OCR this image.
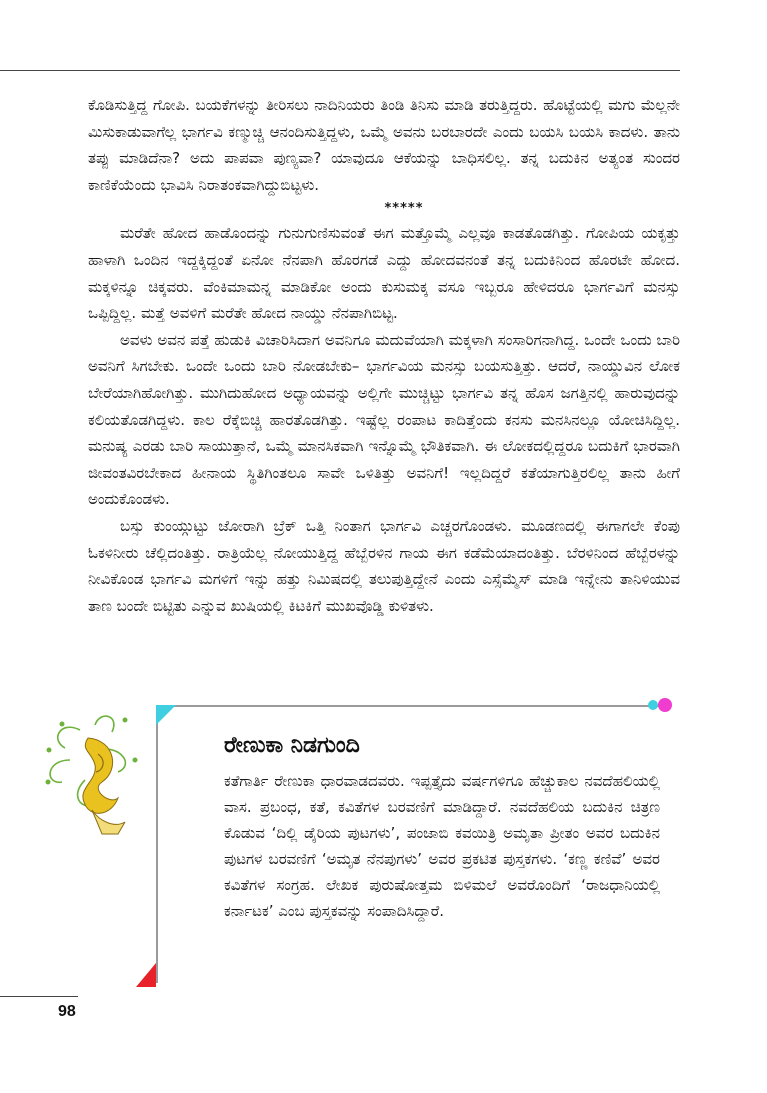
ಕೊಡಿಸುತ್ತಿದ್ದ ಗೋಪಿ. ಬಯಕೆಗಳನ್ನು ತೀರಿಸಲು ನಾದಿನಿಯರು ತಿಂಡಿ ತಿನಿಸು ಮಾಡಿ ತರುತ್ತಿದ್ದರು. ಹೊಟ್ಟೆಯಲ್ಲಿ ಮಗು ಮೆಲ್ಲನೇ ಮಿಸುಕಾಡುವಾಗೆಲ್ಲ ಭಾರ್ಗವಿ ಕಣ್ಮುಚ್ಚಿ ಆನಂದಿಸುತ್ತಿದ್ದಳು, ಒಮ್ಮೆ ಅವನು ಬರಬಾರದೇ ಎಂದು ಬಯಸಿ ಬಯಸಿ ಕಾದಳು. ತಾನು ತಪ್ಪು ಮಾಡಿದೆನಾ? ಅದು ಪಾಪವಾ ಪುಣ್ಯವಾ? ಯಾವುದೂ ಆಕೆಯನ್ನು ಬಾಧಿಸಲಿಲ್ಲ. ತನ್ನ ಬದುಕಿನ ಅತ್ಯಂತ ಸುಂದರ ಕಾಣಿಕೆಯೆಂದು ಭಾವಿಸಿ ನಿರಾತಂಕವಾಗಿದ್ದುಬಿಟ್ಟಳು.

*****

ಮರೆತೇ ಹೋದ ಹಾಡೊಂದನ್ನು ಗುನುಗುಣಿಸುವಂತೆ ಈಗ ಮತ್ತೊಮ್ಮೆ ಎಲ್ಲವೂ ಕಾಡತೊಡಗಿತ್ತು. ಗೋಪಿಯ ಯಕೃತ್ತು ಹಾಳಾಗಿ ಒಂದಿನ ಇದ್ದಕ್ಕಿದ್ದಂತೆ ಏನೋ ನೆನಪಾಗಿ ಹೊರಗಡೆ ಎದ್ದು ಹೋದವನಂತೆ ತನ್ನ ಬದುಕಿನಿಂದ ಹೊರಟೇ ಹೋದ. ಮಕ್ಕಳಿನ್ನೂ ಚಿಕ್ಕವರು. ವೆಂಕಿಮಾಮನ್ನ ಮಾಡಿಕೋ ಅಂದು ಕುಸುಮಕ್ಕ ವಸೂ ಇಬ್ಬರೂ ಹೇಳಿದರೂ ಭಾರ್ಗವಿಗೆ ಮನಸ್ಸು ಒಪ್ಪಿದ್ದಿಲ್ಲ. ಮತ್ತೆ ಅವಳಿಗೆ ಮರೆತೇ ಹೋದ ನಾಯ್ಡು ನೆನಪಾಗಿಬಿಟ್ಟ.

ಅವಳು ಅವನ ಪತ್ತೆ ಹುಡುಕಿ ವಿಚಾರಿಸಿದಾಗ ಅವನಿಗೂ ಮದುವೆಯಾಗಿ ಮಕ್ಕಳಾಗಿ ಸಂಸಾರಿಗನಾಗಿದ್ದ. ಒಂದೇ ಒಂದು ಬಾರಿ ಅವನಿಗೆ ಸಿಗಬೇಕು. ಒಂದೇ ಒಂದು ಬಾರಿ ನೋಡಬೇಕು– ಭಾರ್ಗವಿಯ ಮನಸ್ಸು ಬಯಸುತ್ತಿತ್ತು. ಆದರೆ, ನಾಯ್ಡುವಿನ ಲೋಕ ಬೇರೆಯಾಗಿಹೋಗಿತ್ತು. ಮುಗಿದುಹೋದ ಅಧ್ಯಾಯವನ್ನು ಅಲ್ಲಿಗೇ ಮುಚ್ಚಿಟ್ಟು ಭಾರ್ಗವಿ ತನ್ನ ಹೊಸ ಜಗತ್ತಿನಲ್ಲಿ ಹಾರುವುದನ್ನು ಕಲಿಯತೊಡಗಿದ್ದಳು. ಕಾಲ ರೆಕ್ಕೆಬಿಚ್ಚಿ ಹಾರತೊಡಗಿತ್ತು. ಇಷ್ಟೆಲ್ಲ ರಂಪಾಟ ಕಾದಿತ್ತೆಂದು ಕನಸು ಮನಸಿನಲ್ಲೂ ಯೋಚಿಸಿದ್ದಿಲ್ಲ. ಮನುಷ್ಯ ಎರಡು ಬಾರಿ ಸಾಯುತ್ತಾನೆ, ಒಮ್ಮೆ ಮಾನಸಿಕವಾಗಿ ಇನ್ನೊಮ್ಮೆ ಭೌತಿಕವಾಗಿ. ಈ ಲೋಕದಲ್ಲಿದ್ದರೂ ಬದುಕಿಗೆ ಭಾರವಾಗಿ ಜೀವಂತವಿರಬೇಕಾದ ಹೀನಾಯ ಸ್ಥಿತಿಗಿಂತಲೂ ಸಾವೇ ಒಳಿತಿತ್ತು ಅವನಿಗೆ! ಇಲ್ಲದಿದ್ದರೆ ಕತೆಯಾಗುತ್ತಿರಲಿಲ್ಲ ತಾನು ಹೀಗೆ ಅಂದುಕೊಂಡಳು.

ಬಸ್ಸು ಕುಂಯ್ಗುಟ್ಟು ಜೋರಾಗಿ ಬ್ರೆಕ್ ಒತ್ತಿ ನಿಂತಾಗ ಭಾರ್ಗವಿ ಎಚ್ಚರಗೊಂಡಳು. ಮೂಡಣದಲ್ಲಿ ಈಗಾಗಲೇ ಕೆಂಪು ಓಕಳಿನೀರು ಚೆಲ್ಲಿದಂತಿತ್ತು. ರಾತ್ರಿಯೆಲ್ಲ ನೋಯುತ್ತಿದ್ದ ಹೆಬ್ಬೆರಳಿನ ಗಾಯ ಈಗ ಕಡೆಮೆಯಾದಂತಿತ್ತು. ಬೆರಳಿನಿಂದ ಹೆಬ್ಬೆರಳನ್ನು ನೀವಿಕೊಂಡ ಭಾರ್ಗವಿ ಮಗಳಿಗೆ ಇನ್ನು ಹತ್ತು ನಿಮಿಷದಲ್ಲಿ ತಲುಪುತ್ತಿದ್ದೇನೆ ಎಂದು ಎಸ್ಸೆಮ್ಮೆಸ್ ಮಾಡಿ ಇನ್ನೇನು ತಾನಿಳಿಯುವ ತಾಣ ಬಂದೇ ಬಿಟ್ಟಿತು ಎನ್ನುವ ಖುಷಿಯಲ್ಲಿ ಕಿಟಕಿಗೆ ಮುಖವೊಡ್ಡಿ ಕುಳಿತಳು.

ರೇಣುಕಾ ನಿಡಗುಂದಿ
ಕತೆಗಾರ್ತಿ ರೇಣುಕಾ ಧಾರವಾಡದವರು. ಇಪ್ಪತ್ತೈದು ವರ್ಷಗಳಿಗೂ ಹೆಚ್ಚುಕಾಲ ನವದೆಹಲಿಯಲ್ಲಿ ವಾಸ. ಪ್ರಬಂಧ, ಕತೆ, ಕವಿತೆಗಳ ಬರವಣಿಗೆ ಮಾಡಿದ್ದಾರೆ. ನವದೆಹಲಿಯ ಬದುಕಿನ ಚಿತ್ರಣ ಕೊಡುವ ‘ದಿಲ್ಲಿ ಡೈರಿಯ ಪುಟಗಳು’, ಪಂಜಾಬಿ ಕವಯಿತ್ರಿ ಅಮೃತಾ ಪ್ರೀತಂ ಅವರ ಬದುಕಿನ ಪುಟಗಳ ಬರವಣಿಗೆ ‘ಅಮೃತ ನೆನಪುಗಳು’ ಅವರ ಪ್ರಕಟಿತ ಪುಸ್ತಕಗಳು. ‘ಕಣ್ಣ ಕಣಿವೆ’ ಅವರ ಕವಿತೆಗಳ ಸಂಗ್ರಹ. ಲೇಖಕ ಪುರುಷೋತ್ತಮ ಬಿಳಿಮಲೆ ಅವರೊಂದಿಗೆ ‘ರಾಜಧಾನಿಯಲ್ಲಿ ಕರ್ನಾಟಕ’ ಎಂಬ ಪುಸ್ತಕವನ್ನು ಸಂಪಾದಿಸಿದ್ದಾರೆ.
98
